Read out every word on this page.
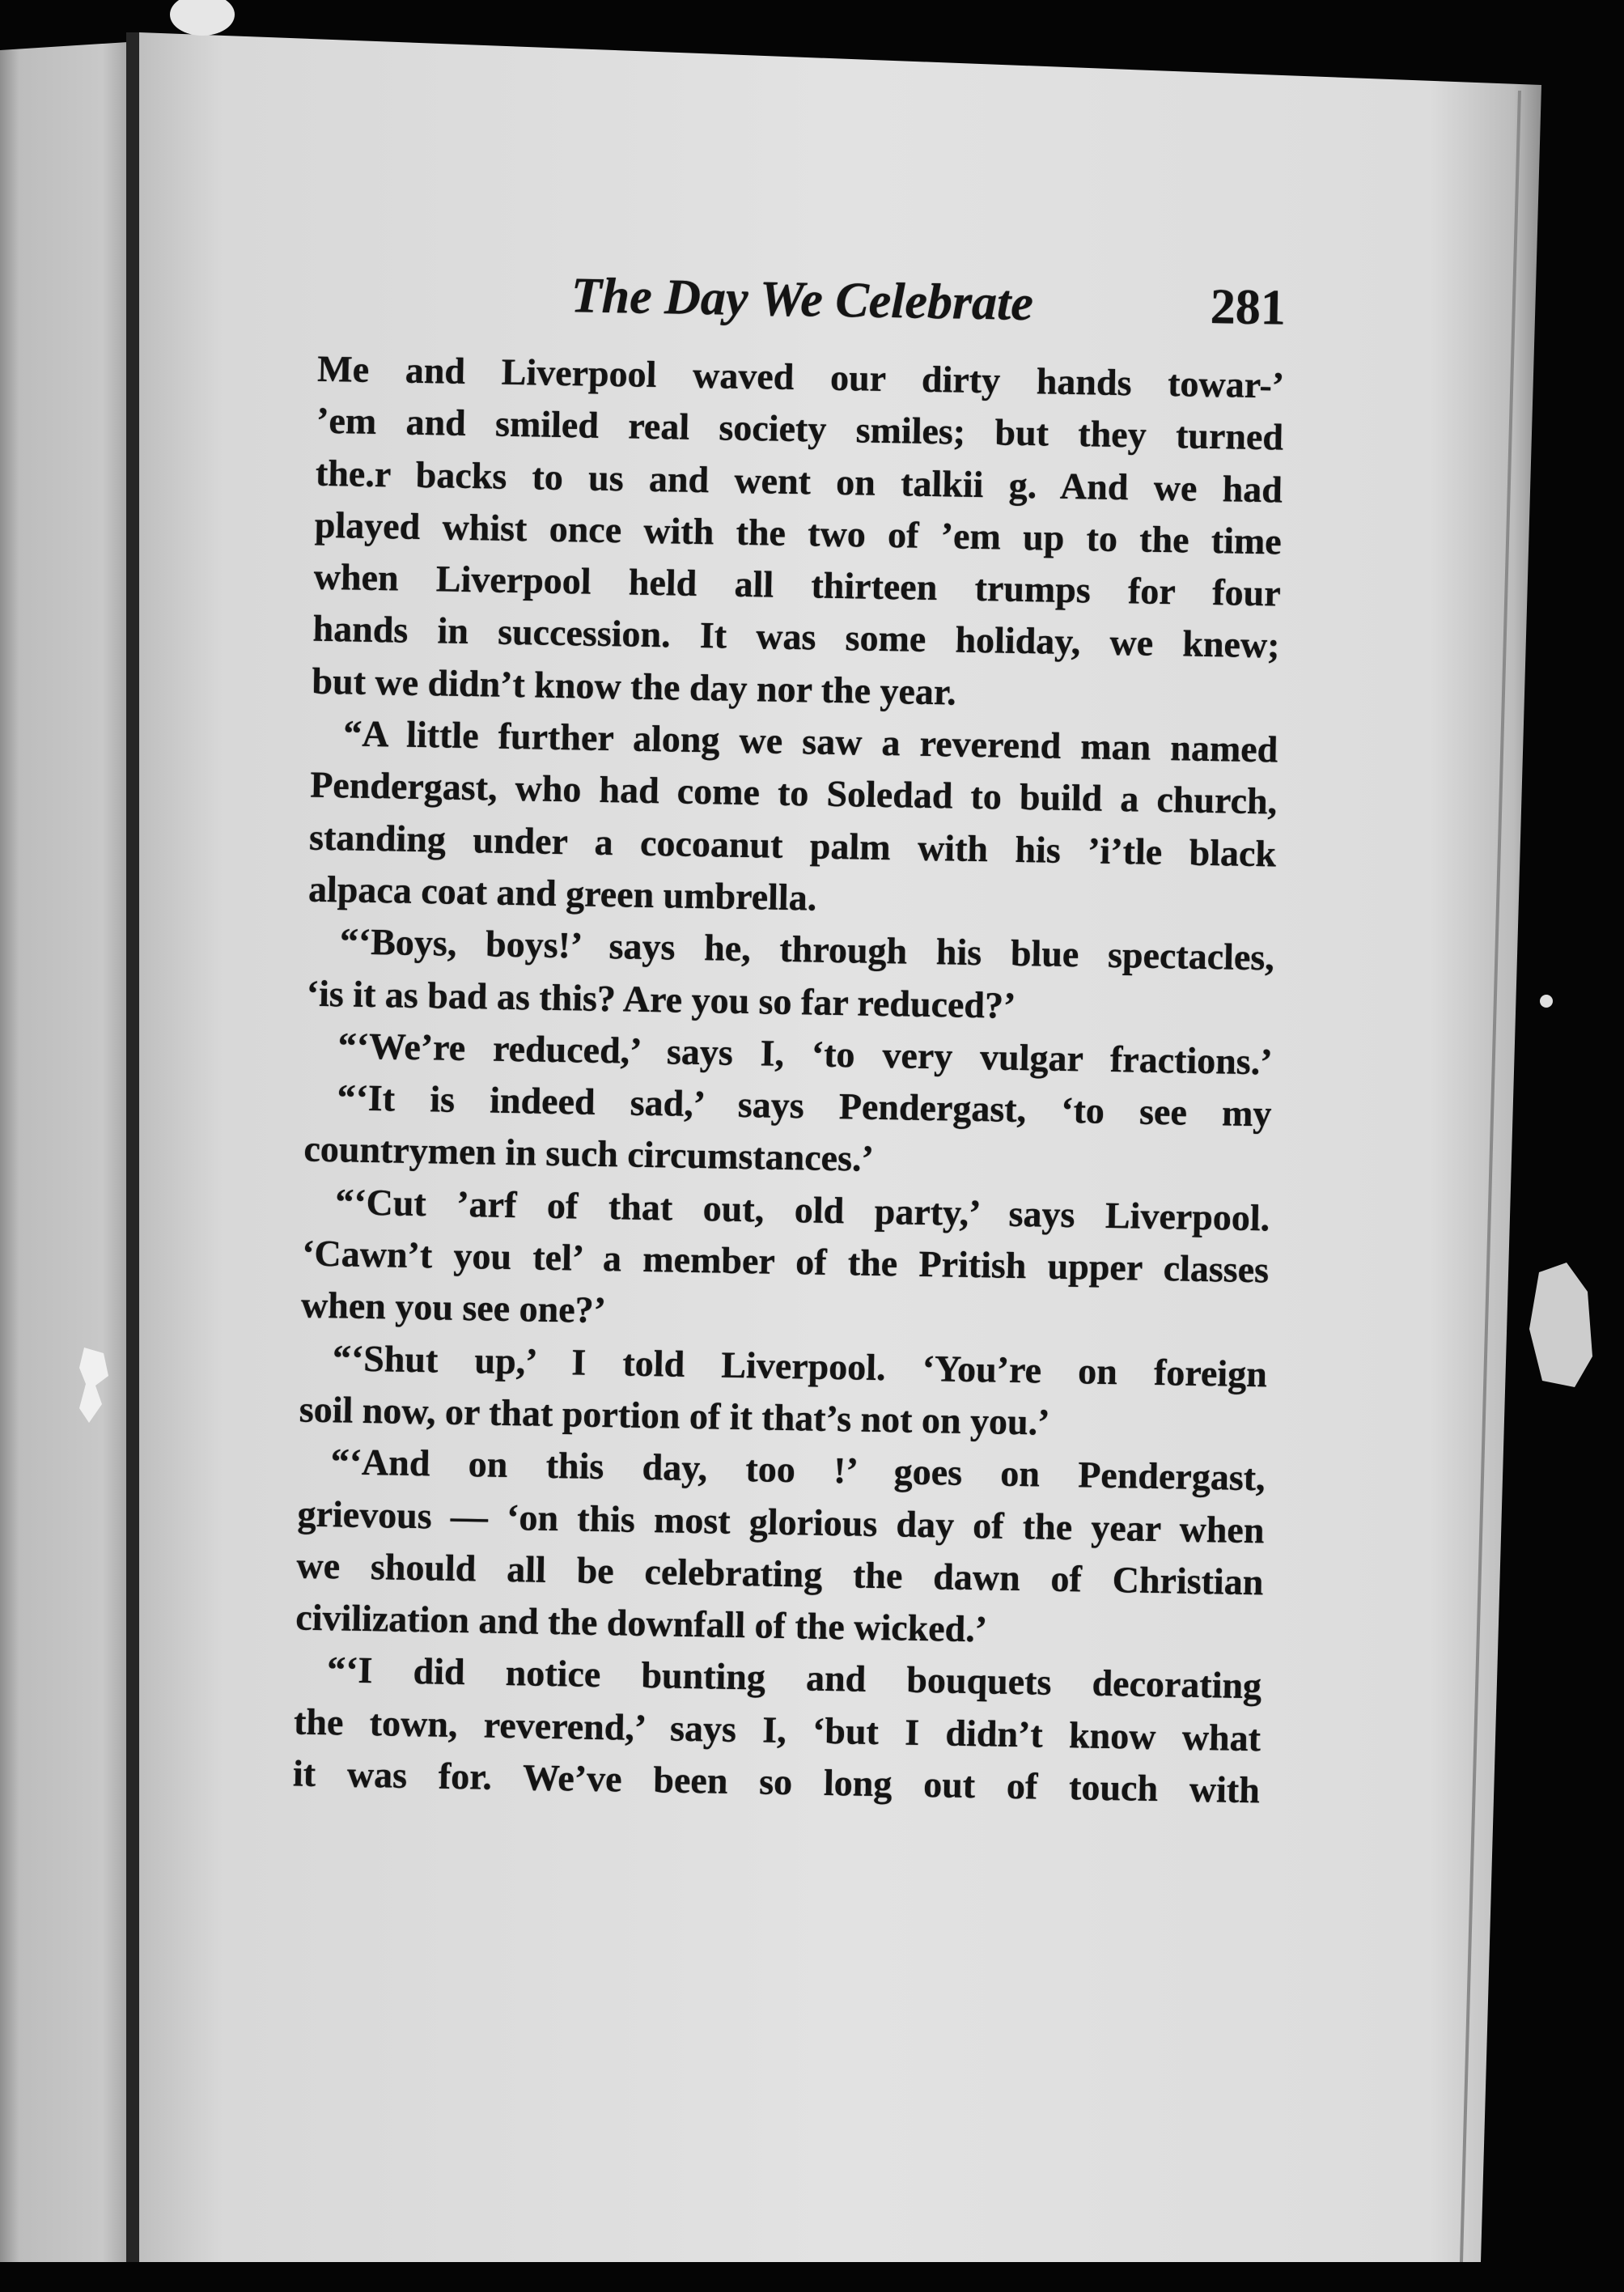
The Day We Celebrate	281
Me and Liverpool waved our dirty hands towar-’
’em and smiled real society smiles; but they turned
the.r backs to us and went on talkii g. And we had
played whist once with the two of ’em up to the time
when Liverpool held all thirteen trumps for four
hands in succession. It was some holiday, we knew;
but we didn’t know the day nor the year.
“A little further along we saw a reverend man named
Pendergast, who had come to Soledad to build a church,
standing under a cocoanut palm with his ’i’tle black
alpaca coat and green umbrella.
“‘Boys, boys!’ says he, through his blue spectacles,
‘is it as bad as this? Are you so far reduced?’
“‘We’re reduced,’ says I, ‘to very vulgar fractions.’
“‘It is indeed sad,’ says Pendergast, ‘to see my
countrymen in such circumstances.’
“‘Cut ’arf of that out, old party,’ says Liverpool.
‘Cawn’t you tel’ a member of the Pritish upper classes
when you see one?’
“‘Shut up,’ I told Liverpool. ‘You’re on foreign
soil now, or that portion of it that’s not on you.’
“‘And on this day, too !’ goes on Pendergast,
grievous — ‘on this most glorious day of the year when
we should all be celebrating the dawn of Christian
civilization and the downfall of the wicked.’
“‘I did notice bunting and bouquets decorating
the town, reverend,’ says I, ‘but I didn’t know what
it was for. We’ve been so long out of touch with
